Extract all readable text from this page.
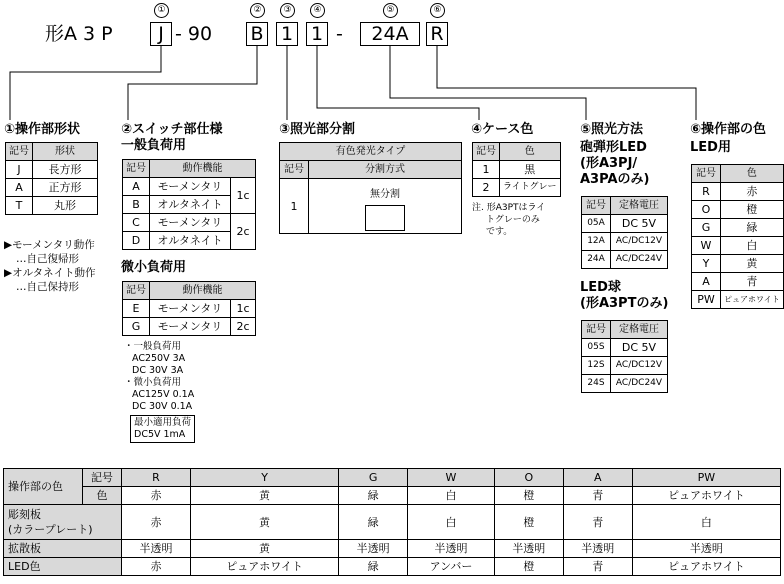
形A 3 P	J - 90 B 1 1 -	24A	R
①	②	③	④	⑤	⑥
①操作部形状
記号	形状
J	長方形
A	正方形
T	丸形
▶モーメンタリ動作
…自己復帰形
▶オルタネイト動作
…自己保持形
②スイッチ部仕様
一般負荷用
記号	動作機能	
A	モーメンタリ	1c
B	オルタネイト	
C	モーメンタリ	2c
D	オルタネイト	
微小負荷用
記号	動作機能	
E	モーメンタリ	1c
G	モーメンタリ	2c
・一般負荷用
AC250V 3A
DC 30V 3A
・微小負荷用
AC125V 0.1A
DC 30V 0.1A
最小適用負荷
DC5V 1mA
③照光部分割
有色発光タイプ	
記号	分割方式
1	無分割
④ケース色
記号	色
1	黒
2	ライトグレー
注. 形A3PTはライ
トグレーのみ
です。
⑤照光方法
砲弾形LED
(形A3PJ/
A3PAのみ)
記号	定格電圧
05A	DC 5V
12A	AC/DC12V
24A	AC/DC24V
LED球
(形A3PTのみ)
記号	定格電圧
05S	DC 5V
12S	AC/DC12V
24S	AC/DC24V
⑥操作部の色
LED用
記号	色
R	赤
O	橙
G	緑
W	白
Y	黄
A	青
PW	ピュアホワイト
操作部の色	記号	R	Y	G	W	O	A	PW
	色	赤	黄	緑	白	橙	青	ピュアホワイト

彫刻板
(カラープレート)		赤	黄	緑	白	橙	青	白
拡散板		半透明	黄	半透明	半透明	半透明	半透明	半透明
LED色		赤	ピュアホワイト	緑	アンバー	橙	青	ピュアホワイト
